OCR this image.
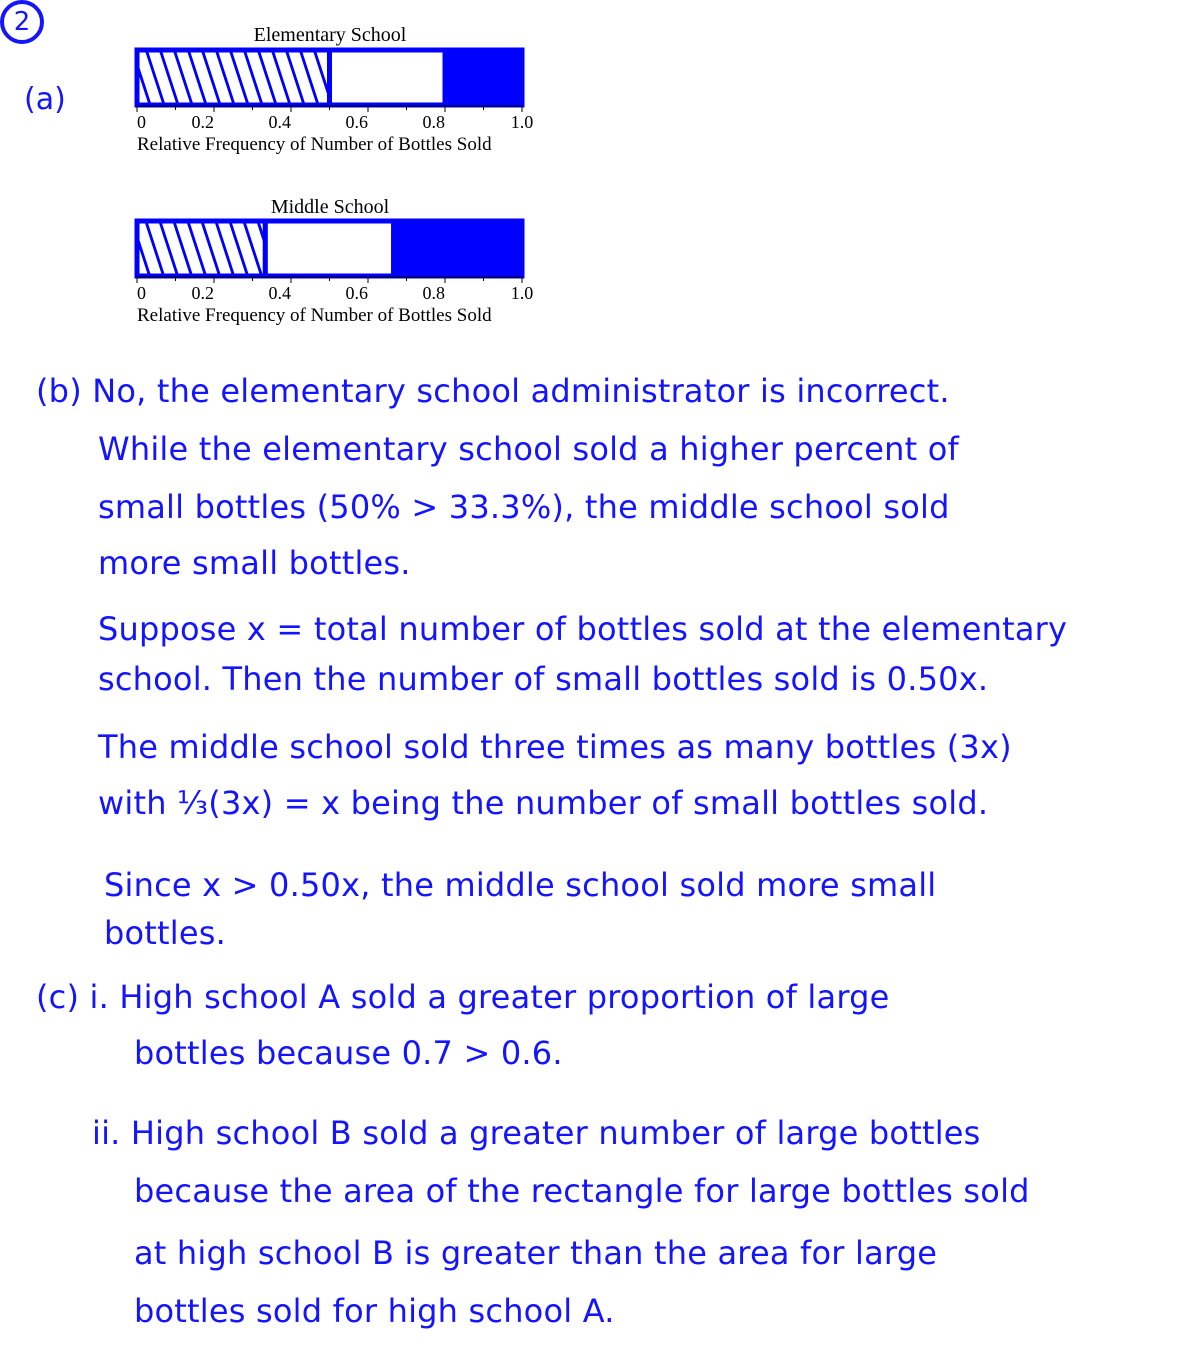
2
(a)
Elementary School
0	0.2	0.4	0.6	0.8	1.0
Relative Frequency of Number of Bottles Sold
Middle School
0	0.2	0.4	0.6	0.8	1.0
Relative Frequency of Number of Bottles Sold
(b) No, the elementary school administrator is incorrect.
While the elementary school sold a higher percent of
small bottles (50% > 33.3%), the middle school sold
more small bottles.
Suppose x = total number of bottles sold at the elementary
school. Then the number of small bottles sold is 0.50x.
The middle school sold three times as many bottles (3x)
with ⅓(3x) = x being the number of small bottles sold.
Since x > 0.50x, the middle school sold more small
bottles.
(c) i. High school A sold a greater proportion of large
bottles because 0.7 > 0.6.
ii. High school B sold a greater number of large bottles
because the area of the rectangle for large bottles sold
at high school B is greater than the area for large
bottles sold for high school A.
